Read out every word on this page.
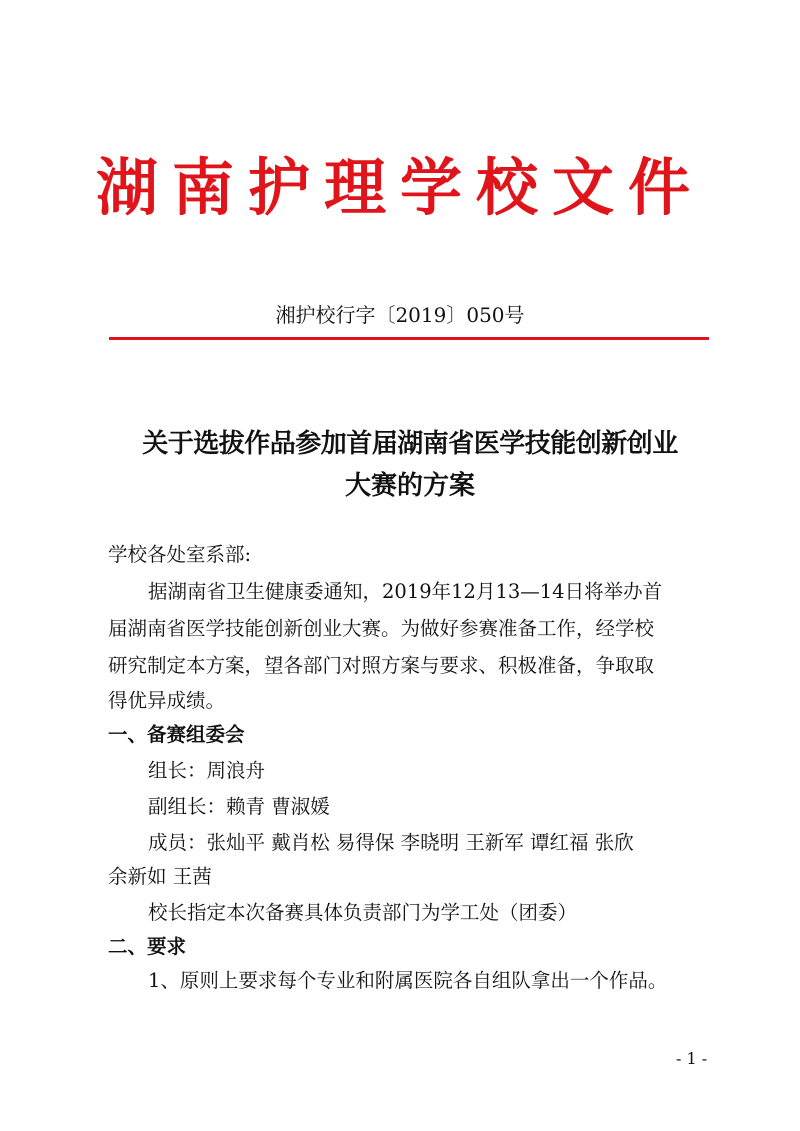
湖南护理学校文件
湘护校行字〔2019〕050号
关于选拔作品参加首届湖南省医学技能创新创业
大赛的方案
学校各处室系部:
据湖南省卫生健康委通知，2019年12月13—14日将举办首
届湖南省医学技能创新创业大赛。为做好参赛准备工作，经学校
研究制定本方案，望各部门对照方案与要求、积极准备，争取取
得优异成绩。
一、备赛组委会
组长：周浪舟
副组长：赖青 曹淑媛
成员：张灿平 戴肖松 易得保 李晓明 王新军 谭红福 张欣
余新如 王茜
校长指定本次备赛具体负责部门为学工处（团委）
二、要求
1、原则上要求每个专业和附属医院各自组队拿出一个作品。
- 1 -
